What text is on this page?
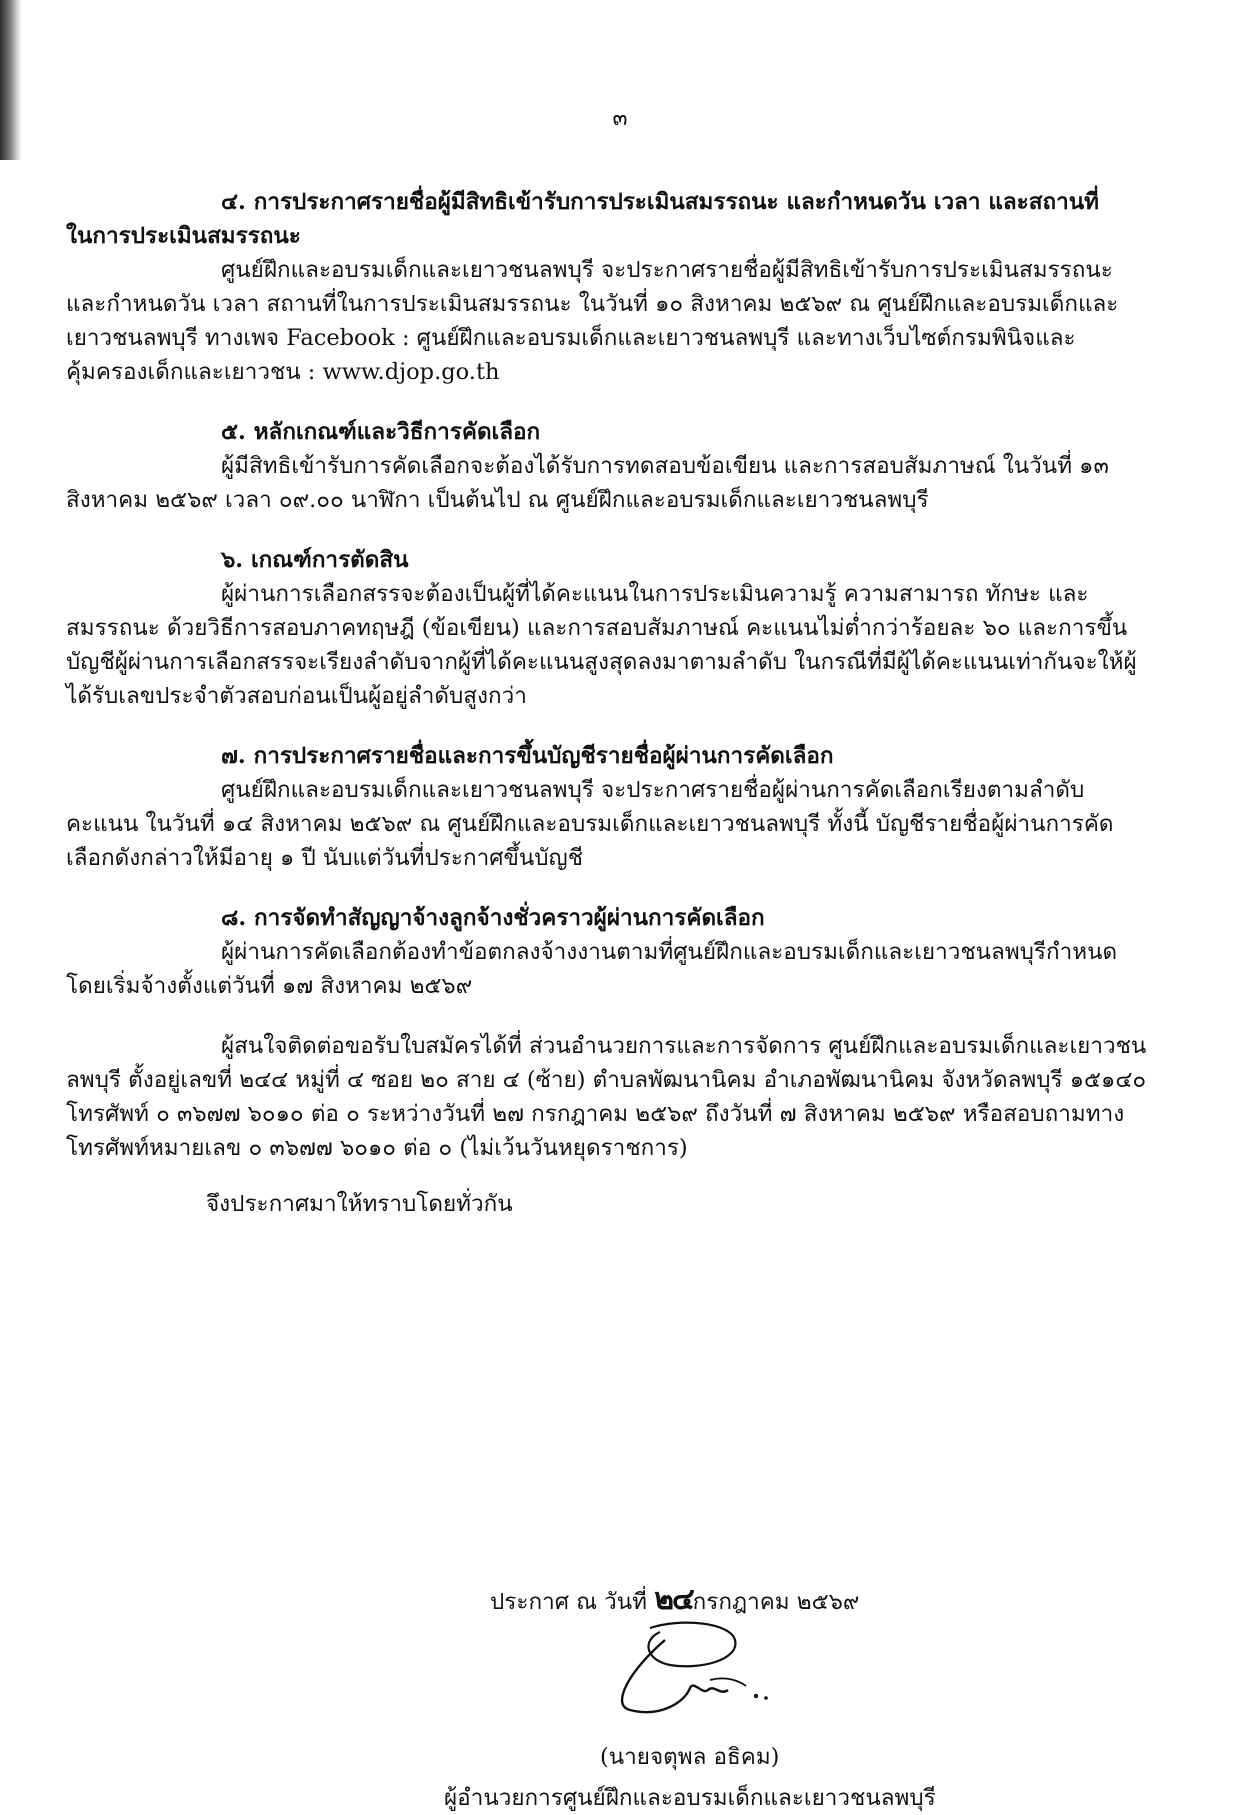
๓
๔. การประกาศรายชื่อผู้มีสิทธิเข้ารับการประเมินสมรรถนะ และกำหนดวัน เวลา และสถานที่
ในการประเมินสมรรถนะ

ศูนย์ฝึกและอบรมเด็กและเยาวชนลพบุรี จะประกาศรายชื่อผู้มีสิทธิเข้ารับการประเมินสมรรถนะ และกำหนดวัน เวลา สถานที่ในการประเมินสมรรถนะ ในวันที่ ๑๐ สิงหาคม ๒๕๖๙ ณ ศูนย์ฝึกและอบรมเด็กและเยาวชนลพบุรี ทางเพจ Facebook : ศูนย์ฝึกและอบรมเด็กและเยาวชนลพบุรี และทางเว็บไซต์กรมพินิจและคุ้มครองเด็กและเยาวชน : www.djop.go.th

๕. หลักเกณฑ์และวิธีการคัดเลือก

ผู้มีสิทธิเข้ารับการคัดเลือกจะต้องได้รับการทดสอบข้อเขียน และการสอบสัมภาษณ์ ในวันที่ ๑๓ สิงหาคม ๒๕๖๙ เวลา ๐๙.๐๐ นาฬิกา เป็นต้นไป ณ ศูนย์ฝึกและอบรมเด็กและเยาวชนลพบุรี

๖. เกณฑ์การตัดสิน

ผู้ผ่านการเลือกสรรจะต้องเป็นผู้ที่ได้คะแนนในการประเมินความรู้ ความสามารถ ทักษะ และสมรรถนะ ด้วยวิธีการสอบภาคทฤษฎี (ข้อเขียน) และการสอบสัมภาษณ์ คะแนนไม่ต่ำกว่าร้อยละ ๖๐ และการขึ้นบัญชีผู้ผ่านการเลือกสรรจะเรียงลำดับจากผู้ที่ได้คะแนนสูงสุดลงมาตามลำดับ ในกรณีที่มีผู้ได้คะแนนเท่ากันจะให้ผู้ได้รับเลขประจำตัวสอบก่อนเป็นผู้อยู่ลำดับสูงกว่า

๗. การประกาศรายชื่อและการขึ้นบัญชีรายชื่อผู้ผ่านการคัดเลือก

ศูนย์ฝึกและอบรมเด็กและเยาวชนลพบุรี จะประกาศรายชื่อผู้ผ่านการคัดเลือกเรียงตามลำดับคะแนน ในวันที่ ๑๔ สิงหาคม ๒๕๖๙ ณ ศูนย์ฝึกและอบรมเด็กและเยาวชนลพบุรี ทั้งนี้ บัญชีรายชื่อผู้ผ่านการคัดเลือกดังกล่าวให้มีอายุ ๑ ปี นับแต่วันที่ประกาศขึ้นบัญชี

๘. การจัดทำสัญญาจ้างลูกจ้างชั่วคราวผู้ผ่านการคัดเลือก

ผู้ผ่านการคัดเลือกต้องทำข้อตกลงจ้างงานตามที่ศูนย์ฝึกและอบรมเด็กและเยาวชนลพบุรีกำหนด โดยเริ่มจ้างตั้งแต่วันที่ ๑๗ สิงหาคม ๒๕๖๙

ผู้สนใจติดต่อขอรับใบสมัครได้ที่ ส่วนอำนวยการและการจัดการ ศูนย์ฝึกและอบรมเด็กและเยาวชนลพบุรี ตั้งอยู่เลขที่ ๒๔๔ หมู่ที่ ๔ ซอย ๒๐ สาย ๔ (ซ้าย) ตำบลพัฒนานิคม อำเภอพัฒนานิคม จังหวัดลพบุรี ๑๕๑๔๐ โทรศัพท์ ๐ ๓๖๗๗ ๖๐๑๐ ต่อ ๐ ระหว่างวันที่ ๒๗ กรกฎาคม ๒๕๖๙ ถึงวันที่ ๗ สิงหาคม ๒๕๖๙ หรือสอบถามทางโทรศัพท์หมายเลข ๐ ๓๖๗๗ ๖๐๑๐ ต่อ ๐ (ไม่เว้นวันหยุดราชการ)

จึงประกาศมาให้ทราบโดยทั่วกัน

ประกาศ ณ วันที่ ๒๔กรกฎาคม ๒๕๖๙
(นายจตุพล อธิคม)
ผู้อำนวยการศูนย์ฝึกและอบรมเด็กและเยาวชนลพบุรี
